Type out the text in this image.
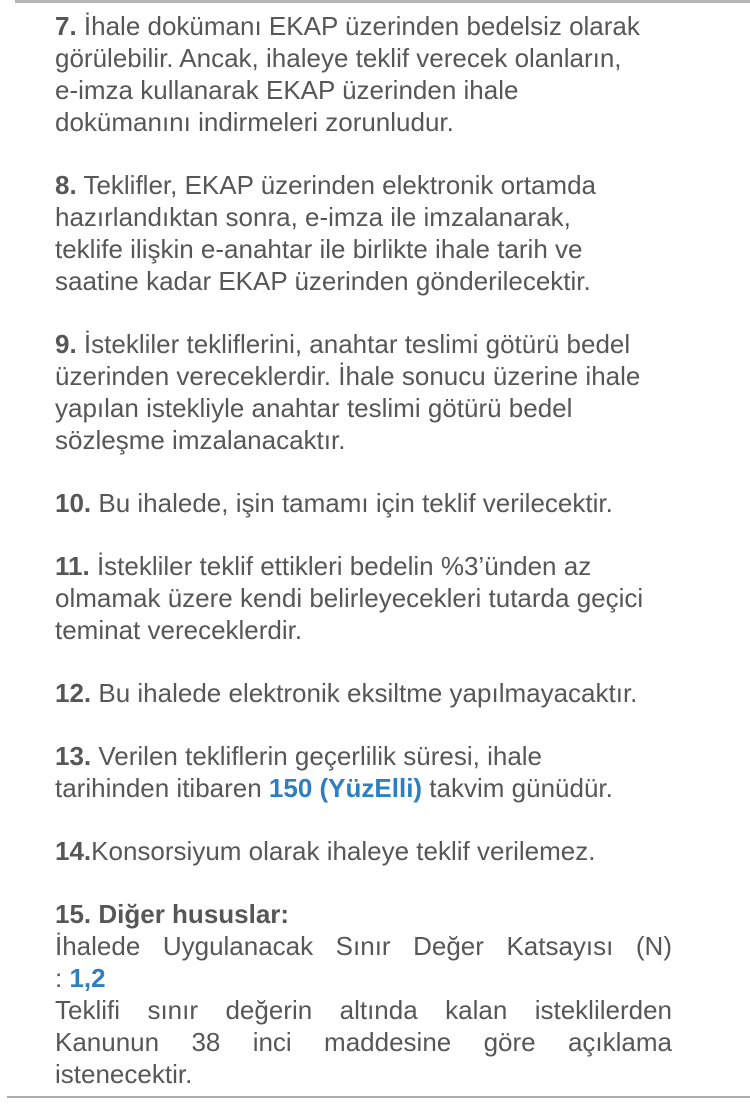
7. İhale dokümanı EKAP üzerinden bedelsiz olarak
görülebilir. Ancak, ihaleye teklif verecek olanların,
e-imza kullanarak EKAP üzerinden ihale
dokümanını indirmeleri zorunludur.
8. Teklifler, EKAP üzerinden elektronik ortamda
hazırlandıktan sonra, e-imza ile imzalanarak,
teklife ilişkin e-anahtar ile birlikte ihale tarih ve
saatine kadar EKAP üzerinden gönderilecektir.
9. İstekliler tekliflerini, anahtar teslimi götürü bedel
üzerinden vereceklerdir. İhale sonucu üzerine ihale
yapılan istekliyle anahtar teslimi götürü bedel
sözleşme imzalanacaktır.
10. Bu ihalede, işin tamamı için teklif verilecektir.
11. İstekliler teklif ettikleri bedelin %3’ünden az
olmamak üzere kendi belirleyecekleri tutarda geçici
teminat vereceklerdir.
12. Bu ihalede elektronik eksiltme yapılmayacaktır.
13. Verilen tekliflerin geçerlilik süresi, ihale
tarihinden itibaren 150 (YüzElli) takvim günüdür.
14.Konsorsiyum olarak ihaleye teklif verilemez.
15. Diğer hususlar:
İhalede Uygulanacak Sınır Değer Katsayısı (N)
: 1,2
Teklifi sınır değerin altında kalan isteklilerden
Kanunun 38 inci maddesine göre açıklama
istenecektir.
